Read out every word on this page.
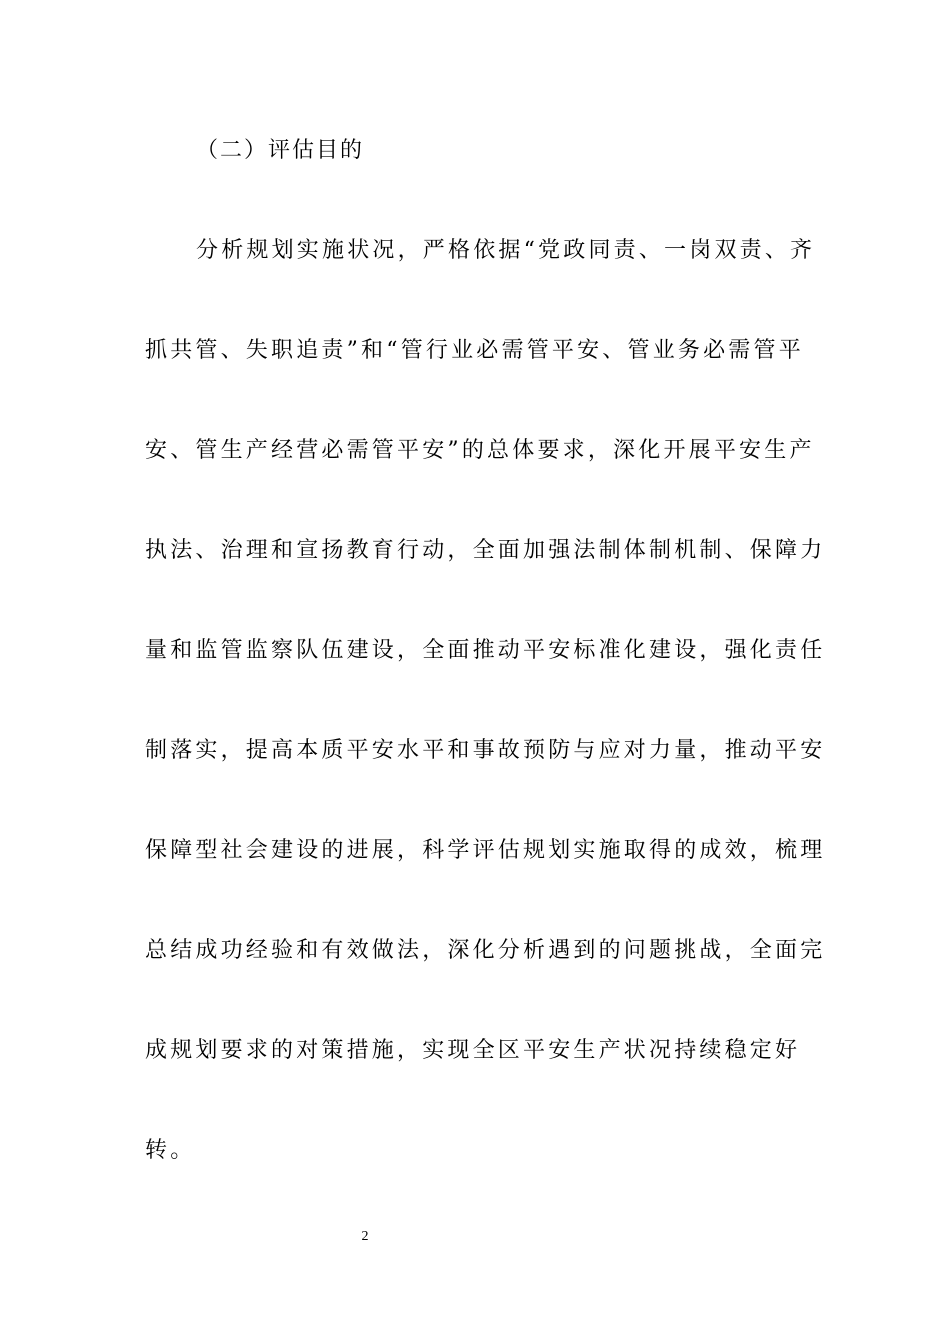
（二）评估目的
分析规划实施状况，严格依据“党政同责、一岗双责、齐
抓共管、失职追责”和“管行业必需管平安、管业务必需管平
安、管生产经营必需管平安”的总体要求，深化开展平安生产
执法、治理和宣扬教育行动，全面加强法制体制机制、保障力
量和监管监察队伍建设，全面推动平安标准化建设，强化责任
制落实，提高本质平安水平和事故预防与应对力量，推动平安
保障型社会建设的进展，科学评估规划实施取得的成效，梳理
总结成功经验和有效做法，深化分析遇到的问题挑战，全面完
成规划要求的对策措施，实现全区平安生产状况持续稳定好
转。
2
